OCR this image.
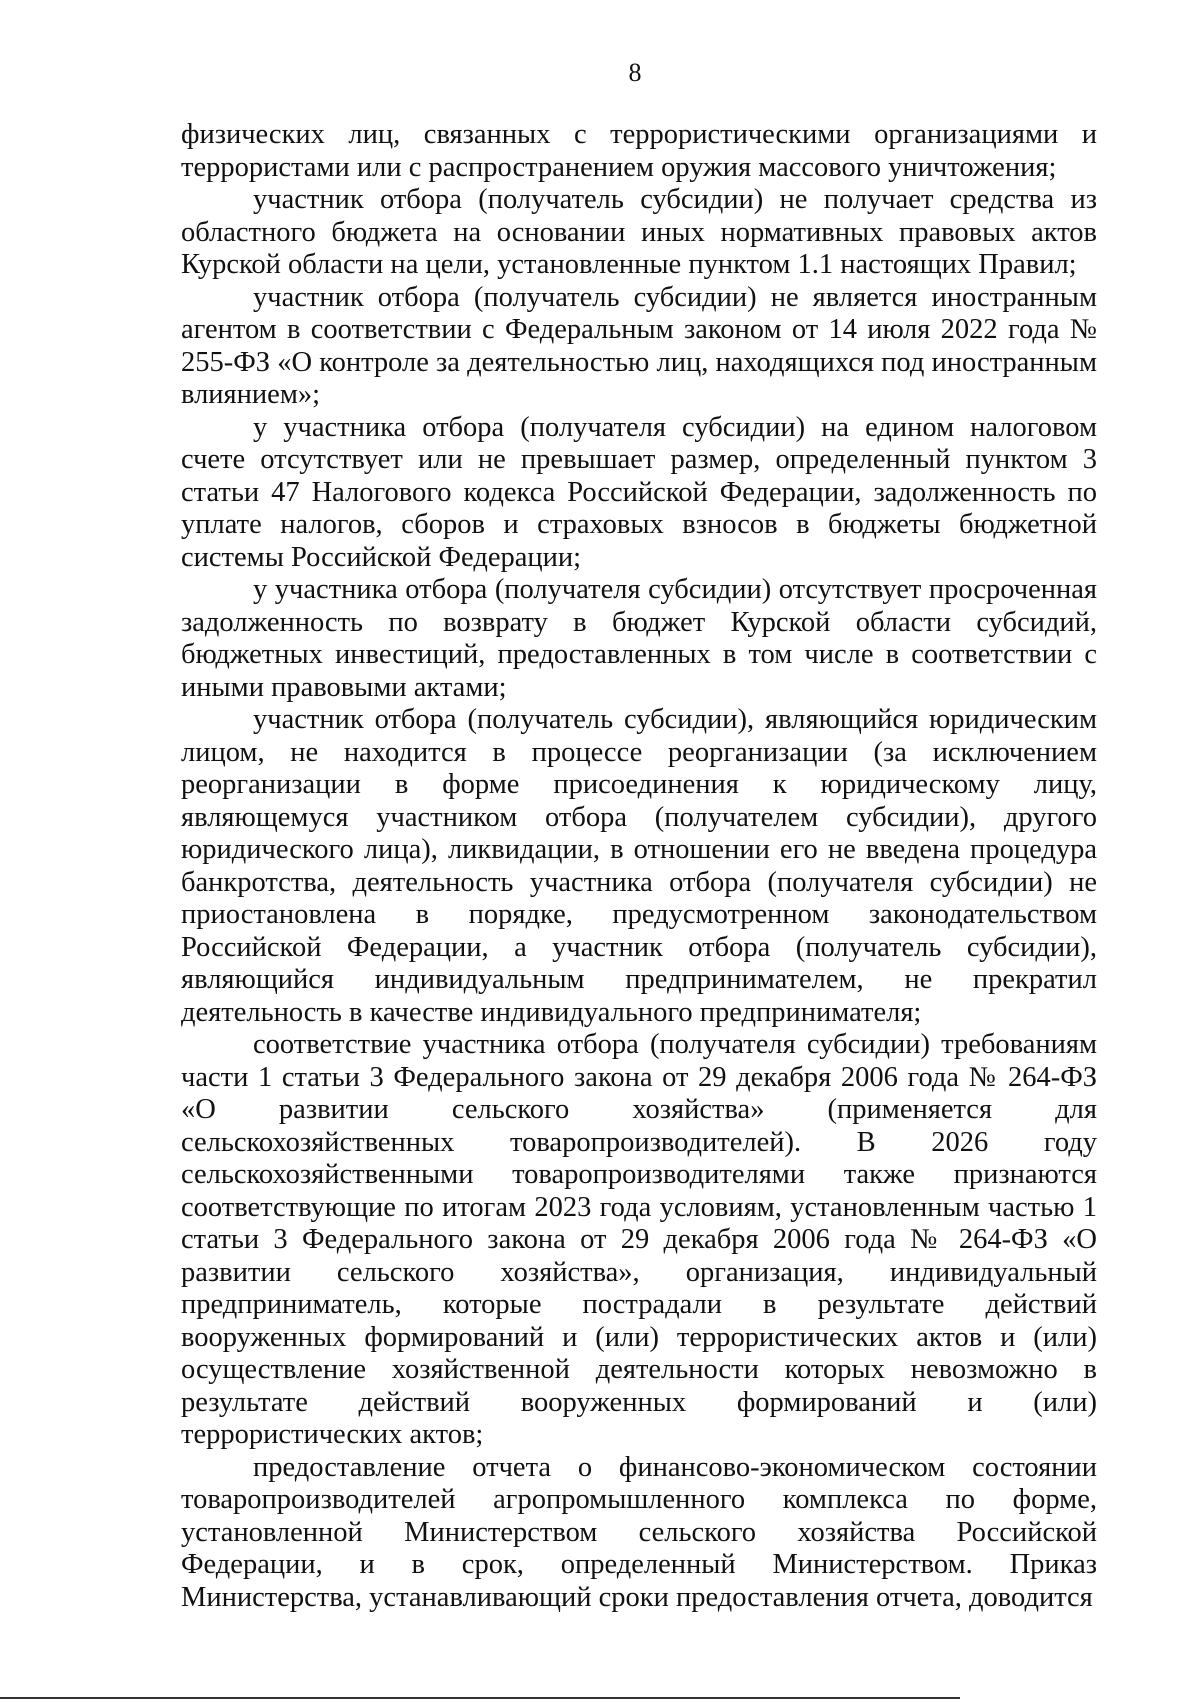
8

физических лиц, связанных с террористическими организациями и террористами или с распространением оружия массового уничтожения;

участник отбора (получатель субсидии) не получает средства из областного бюджета на основании иных нормативных правовых актов Курской области на цели, установленные пунктом 1.1 настоящих Правил;

участник отбора (получатель субсидии) не является иностранным агентом в соответствии с Федеральным законом от 14 июля 2022 года № 255-ФЗ «О контроле за деятельностью лиц, находящихся под иностранным влиянием»;

у участника отбора (получателя субсидии) на едином налоговом счете отсутствует или не превышает размер, определенный пунктом 3 статьи 47 Налогового кодекса Российской Федерации, задолженность по уплате налогов, сборов и страховых взносов в бюджеты бюджетной системы Российской Федерации;

у участника отбора (получателя субсидии) отсутствует просроченная задолженность по возврату в бюджет Курской области субсидий, бюджетных инвестиций, предоставленных в том числе в соответствии с иными правовыми актами;

участник отбора (получатель субсидии), являющийся юридическим лицом, не находится в процессе реорганизации (за исключением реорганизации в форме присоединения к юридическому лицу, являющемуся участником отбора (получателем субсидии), другого юридического лица), ликвидации, в отношении его не введена процедура банкротства, деятельность участника отбора (получателя субсидии) не приостановлена в порядке, предусмотренном законодательством Российской Федерации, а участник отбора (получатель субсидии), являющийся индивидуальным предпринимателем, не прекратил деятельность в качестве индивидуального предпринимателя;

соответствие участника отбора (получателя субсидии) требованиям части 1 статьи 3 Федерального закона от 29 декабря 2006 года № 264-ФЗ «О развитии сельского хозяйства» (применяется для сельскохозяйственных товаропроизводителей). В 2026 году сельскохозяйственными товаропроизводителями также признаются соответствующие по итогам 2023 года условиям, установленным частью 1 статьи 3 Федерального закона от 29 декабря 2006 года № 264-ФЗ «О развитии сельского хозяйства», организация, индивидуальный предприниматель, которые пострадали в результате действий вооруженных формирований и (или) террористических актов и (или) осуществление хозяйственной деятельности которых невозможно в результате действий вооруженных формирований и (или) террористических актов;

предоставление отчета о финансово-экономическом состоянии товаропроизводителей агропромышленного комплекса по форме, установленной Министерством сельского хозяйства Российской Федерации, и в срок, определенный Министерством. Приказ Министерства, устанавливающий сроки предоставления отчета, доводится
